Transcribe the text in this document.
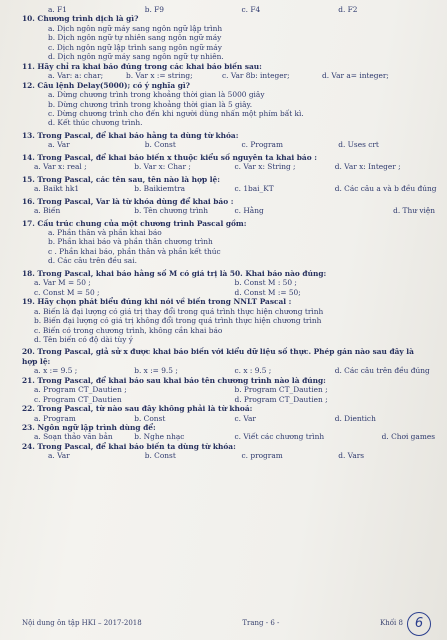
a. F1	b. F9	c. F4	d. F2
10. Chương trình dịch là gì?
a. Dịch ngôn ngữ máy sang ngôn ngữ lập trình
b. Dịch ngôn ngữ tự nhiên sang ngôn ngữ máy
c. Dịch ngôn ngữ lập trình sang ngôn ngữ máy
d. Dịch ngôn ngữ máy sang ngôn ngữ tự nhiên.
11. Hãy chỉ ra khai báo đúng trong các khai báo biến sau:
a. Var: a: char;	b. Var x := string;	c. Var 8b: integer;	d. Var a= integer;
12. Câu lệnh Delay(5000); có ý nghĩa gì?
a. Dừng chương trình trong khoảng thời gian là 5000 giây
b. Dừng chương trình trong khoảng thời gian là 5 giây.
c. Dừng chương trình cho đến khi người dùng nhấn một phím bất kì.
d. Kết thúc chương trình.
13. Trong Pascal, để khai báo hằng ta dùng từ khóa:
a. Var	b. Const	c. Program	d. Uses crt
14. Trong Pascal, để khai báo biến x thuộc kiểu số nguyên ta khai báo :
a. Var x: real ;	b. Var x: Char ;	c. Var x: String ;	d. Var x: Integer ;
15. Trong Pascal, các tên sau, tên nào là hợp lệ:
a. Baikt hk1	b. Baikiemtra	c. 1bai_KT	d. Các câu a và b đều đúng
16. Trong Pascal, Var là từ khóa dùng để khai báo :
a. Biến	b. Tên chương trình	c. Hằng	d. Thư viện
17. Cấu trúc chung của một chương trình Pascal gồm:
a. Phần thân và phần khai báo
b. Phần khai báo và phần thân chương trình
c . Phần khai báo, phần thân và phần kết thúc
d. Các câu trên đều sai.
18. Trong Pascal, khai báo hằng số M có giá trị là 50. Khai báo nào đúng:
a. Var M = 50 ;	b. Const M : 50 ;
c. Const M = 50 ;	d. Const M := 50;
19. Hãy chọn phát biểu đúng khi nói về biến trong NNLT Pascal :
a. Biến là đại lượng có giá trị thay đổi trong quá trình thực hiện chương trình
b. Biến đại lượng có giá trị không đổi trong quá trình thực hiện chương trình
c. Biến có trong chương trình, không cần khai báo
d. Tên biến có độ dài tùy ý
20. Trong Pascal, giả sử x được khai báo biến với kiểu dữ liệu số thực. Phép gán nào sau đây là
hợp lệ:
a. x := 9.5 ;	b. x := 9.5 ;	c. x : 9.5 ;	d. Các câu trên đều đúng
21. Trong Pascal, để khai báo sau khai báo tên chương trình nào là đúng:
a. Program CT_Dautien ;	b. Program CT_Dautien ;
c. Program CT_Dautien	d. Program CT_Dautien ;
22. Trong Pascal, từ nào sau đây không phải là từ khoá:
a. Program	b. Const	c. Var	d. Dientich
23. Ngôn ngữ lập trình dùng để:
a. Soạn thảo văn bản	b. Nghe nhạc	c. Viết các chương trình	d. Chơi games
24. Trong Pascal, để khai báo biến ta dùng từ khóa:
a. Var	b. Const	c. program	d. Vars
Nội dung ôn tập HKI – 2017-2018	Trang - 6 -	Khối 8 6
